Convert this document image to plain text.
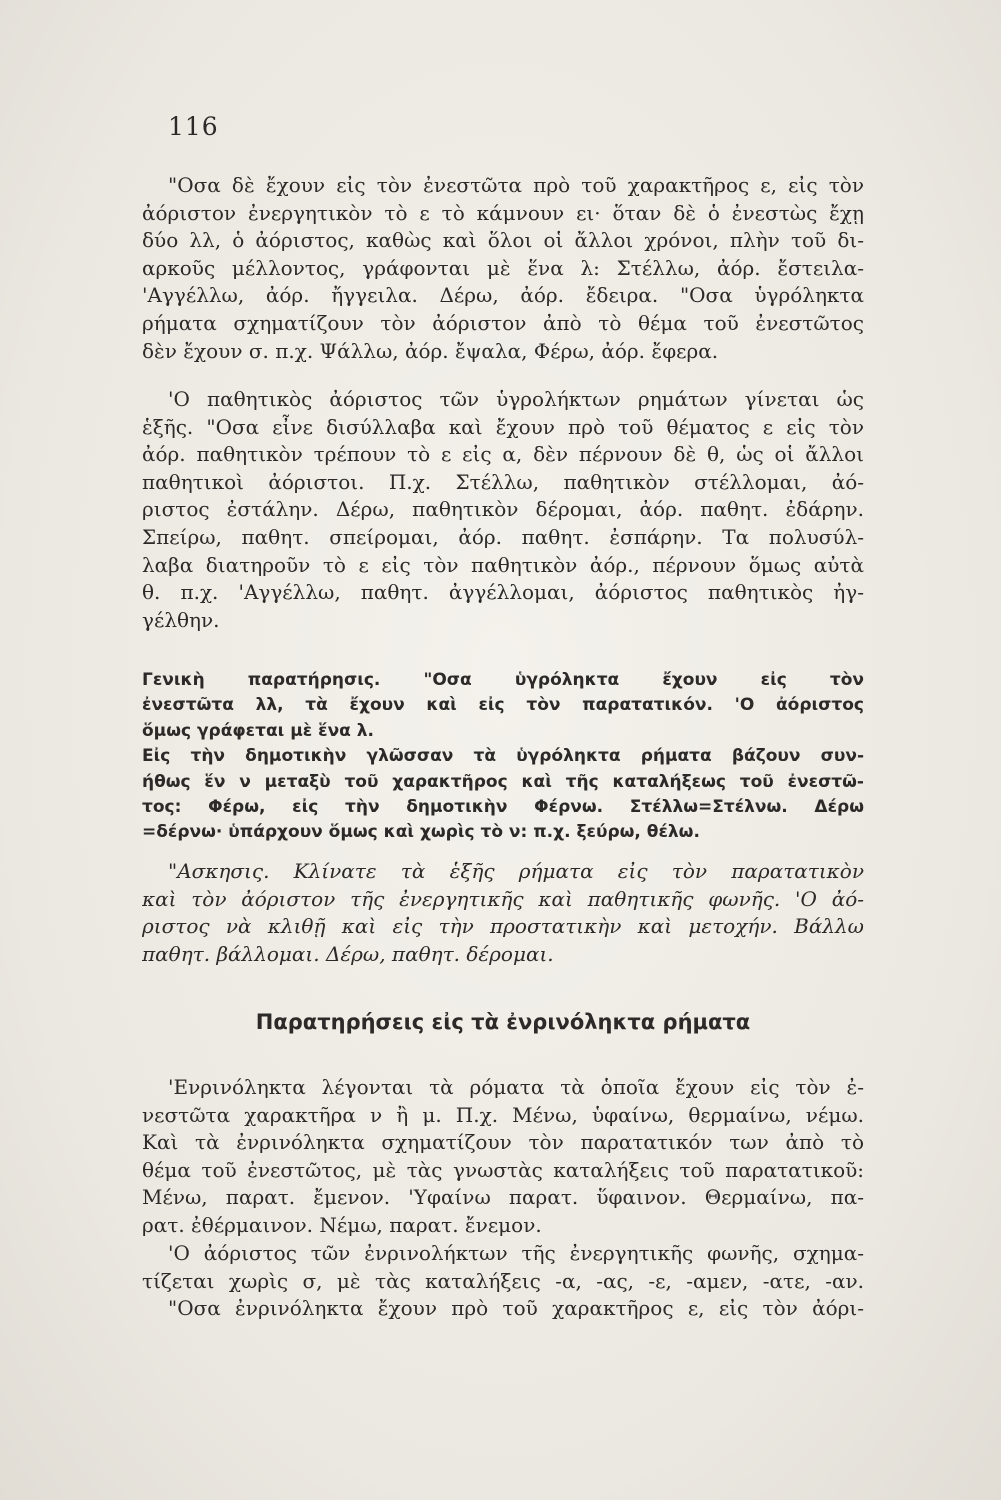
116
"Οσα δὲ ἔχουν εἰς τὸν ἐνεστῶτα πρὸ τοῦ χαρακτῆρος ε, εἰς τὸν
ἀόριστον ἐνεργητικὸν τὸ ε τὸ κάμνουν ει· ὅταν δὲ ὁ ἐνεστὼς ἔχῃ
δύο λλ, ὁ ἀόριστος, καθὼς καὶ ὅλοι οἱ ἄλλοι χρόνοι, πλὴν τοῦ δι-
αρκοῦς μέλλοντος, γράφονται μὲ ἕνα λ: Στέλλω, ἀόρ. ἔστειλα-
'Αγγέλλω, ἀόρ. ἤγγειλα. Δέρω, ἀόρ. ἔδειρα. "Οσα ὑγρόληκτα
ρήματα σχηματίζουν τὸν ἀόριστον ἀπὸ τὸ θέμα τοῦ ἐνεστῶτος
δὲν ἔχουν σ. π.χ. Ψάλλω, ἀόρ. ἔψαλα, Φέρω, ἀόρ. ἔφερα.
'Ο παθητικὸς ἀόριστος τῶν ὑγρολήκτων ρημάτων γίνεται ὡς
ἑξῆς. "Οσα εἶνε δισύλλαβα καὶ ἔχουν πρὸ τοῦ θέματος ε εἰς τὸν
ἀόρ. παθητικὸν τρέπουν τὸ ε εἰς α, δὲν πέρνουν δὲ θ, ὡς οἱ ἄλλοι
παθητικοὶ ἀόριστοι. Π.χ. Στέλλω, παθητικὸν στέλλομαι, ἀό-
ριστος ἐστάλην. Δέρω, παθητικὸν δέρομαι, ἀόρ. παθητ. ἐδάρην.
Σπείρω, παθητ. σπείρομαι, ἀόρ. παθητ. ἐσπάρην. Τα πολυσύλ-
λαβα διατηροῦν τὸ ε εἰς τὸν παθητικὸν ἀόρ., πέρνουν ὅμως αὐτὰ
θ. π.χ. 'Αγγέλλω, παθητ. ἀγγέλλομαι, ἀόριστος παθητικὸς ἠγ-
γέλθην.
Γενικὴ παρατήρησις. "Οσα ὑγρόληκτα ἔχουν εἰς τὸν
ἐνεστῶτα λλ, τὰ ἔχουν καὶ εἰς τὸν παρατατικόν. 'Ο ἀόριστος
ὅμως γράφεται μὲ ἕνα λ.
Εἰς τὴν δημοτικὴν γλῶσσαν τὰ ὑγρόληκτα ρήματα βάζουν συν-
ήθως ἕν ν μεταξὺ τοῦ χαρακτῆρος καὶ τῆς καταλήξεως τοῦ ἐνεστῶ-
τος: Φέρω, εἰς τὴν δημοτικὴν Φέρνω. Στέλλω=Στέλνω. Δέρω
=δέρνω· ὑπάρχουν ὅμως καὶ χωρὶς τὸ ν: π.χ. ξεύρω, θέλω.
"Ασκησις. Κλίνατε τὰ ἑξῆς ρήματα εἰς τὸν παρατατικὸν
καὶ τὸν ἀόριστον τῆς ἐνεργητικῆς καὶ παθητικῆς φωνῆς. 'Ο ἀό-
ριστος νὰ κλιθῇ καὶ εἰς τὴν προστατικὴν καὶ μετοχήν. Βάλλω
παθητ. βάλλομαι. Δέρω, παθητ. δέρομαι.
Παρατηρήσεις εἰς τὰ ἐνρινόληκτα ρήματα
'Ενρινόληκτα λέγονται τὰ ρόματα τὰ ὁποῖα ἔχουν εἰς τὸν ἐ-
νεστῶτα χαρακτῆρα ν ἢ μ. Π.χ. Μένω, ὑφαίνω, θερμαίνω, νέμω.
Καὶ τὰ ἐνρινόληκτα σχηματίζουν τὸν παρατατικόν των ἀπὸ τὸ
θέμα τοῦ ἐνεστῶτος, μὲ τὰς γνωστὰς καταλήξεις τοῦ παρατατικοῦ:
Μένω, παρατ. ἔμενον. 'Υφαίνω παρατ. ὕφαινον. Θερμαίνω, πα-
ρατ. ἐθέρμαινον. Νέμω, παρατ. ἔνεμον.
'Ο ἀόριστος τῶν ἐνρινολήκτων τῆς ἐνεργητικῆς φωνῆς, σχημα-
τίζεται χωρὶς σ, μὲ τὰς καταλήξεις -α, -ας, -ε, -αμεν, -ατε, -αν.
"Οσα ἐνρινόληκτα ἔχουν πρὸ τοῦ χαρακτῆρος ε, εἰς τὸν ἀόρι-
